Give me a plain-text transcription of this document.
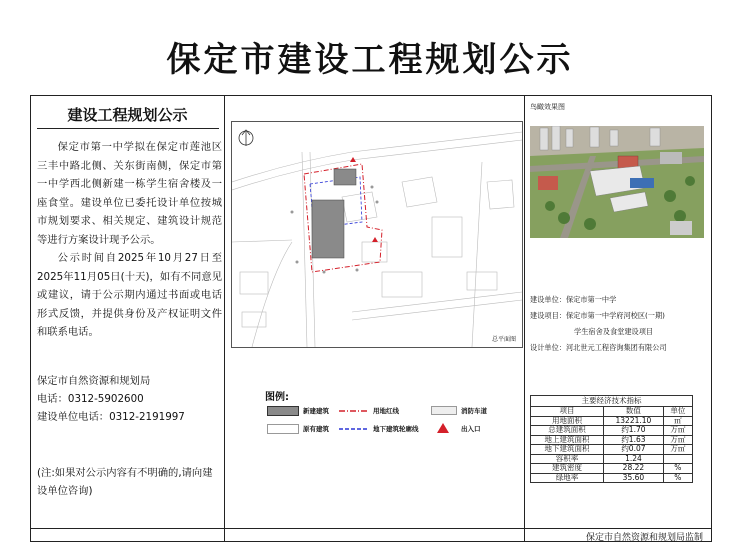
保定市建设工程规划公示
建设工程规划公示

保定市第一中学拟在保定市莲池区三丰中路北侧、关东街南侧，保定市第一中学西北侧新建一栋学生宿舍楼及一座食堂。建设单位已委托设计单位按城市规划要求、相关规定、建筑设计规范等进行方案设计现予公示。

公示时间自2025年10月27日至2025年11月05日(十天)，如有不同意见或建议，请于公示期内通过书面或电话形式反馈，并提供身份及产权证明文件和联系电话。

保定市自然资源和规划局
电话：0312-5902600
建设单位电话：0312-2191997
(注:如果对公示内容有不明确的,请向建设单位咨询)
总平面图
图例:
新建建筑
原有建筑
用地红线
地下建筑轮廓线
消防车道
出入口
鸟瞰效果图
建设单位：保定市第一中学
建设项目：保定市第一中学府河校区(一期)
学生宿舍及食堂建设项目
设计单位：河北世元工程咨询集团有限公司
主要经济技术指标
项目	数值	单位
用地面积	13221.10	㎡
总建筑面积	约1.70	万㎡
地上建筑面积	约1.63	万㎡
地下建筑面积	约0.07	万㎡
容积率	1.24	
建筑密度	28.22	%
绿地率	35.60	%
保定市自然资源和规划局监制
